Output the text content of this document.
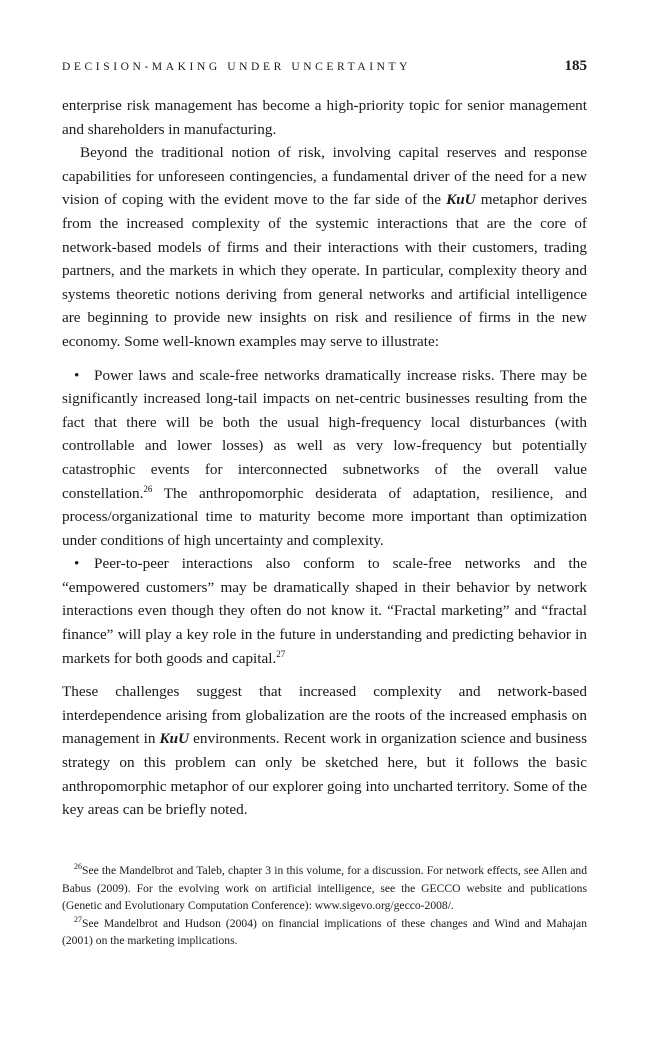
DECISION-MAKING UNDER UNCERTAINTY	185

enterprise risk management has become a high-priority topic for senior management and shareholders in manufacturing.

Beyond the traditional notion of risk, involving capital reserves and response capabilities for unforeseen contingencies, a fundamental driver of the need for a new vision of coping with the evident move to the far side of the KuU metaphor derives from the increased complexity of the systemic interactions that are the core of network-based models of firms and their interactions with their customers, trading partners, and the markets in which they operate. In particular, complexity theory and systems theoretic notions deriving from general networks and artificial intelligence are beginning to provide new insights on risk and resilience of firms in the new economy. Some well-known examples may serve to illustrate:

• Power laws and scale-free networks dramatically increase risks. There may be significantly increased long-tail impacts on net-centric businesses resulting from the fact that there will be both the usual high-frequency local disturbances (with controllable and lower losses) as well as very low-frequency but potentially catastrophic events for interconnected subnetworks of the overall value constellation.$^{26}$ The anthropomorphic desiderata of adaptation, resilience, and process/organizational time to maturity become more important than optimization under conditions of high uncertainty and complexity.

• Peer-to-peer interactions also conform to scale-free networks and the “empowered customers” may be dramatically shaped in their behavior by network interactions even though they often do not know it. “Fractal marketing” and “fractal finance” will play a key role in the future in understanding and predicting behavior in markets for both goods and capital.$^{27}$

These challenges suggest that increased complexity and network-based interdependence arising from globalization are the roots of the increased emphasis on management in KuU environments. Recent work in organization science and business strategy on this problem can only be sketched here, but it follows the basic anthropomorphic metaphor of our explorer going into uncharted territory. Some of the key areas can be briefly noted.

$^{26}$See the Mandelbrot and Taleb, chapter 3 in this volume, for a discussion. For network effects, see Allen and Babus (2009). For the evolving work on artificial intelligence, see the GECCO website and publications (Genetic and Evolutionary Computation Conference): www.sigevo.org/gecco-2008/.

$^{27}$See Mandelbrot and Hudson (2004) on financial implications of these changes and Wind and Mahajan (2001) on the marketing implications.
